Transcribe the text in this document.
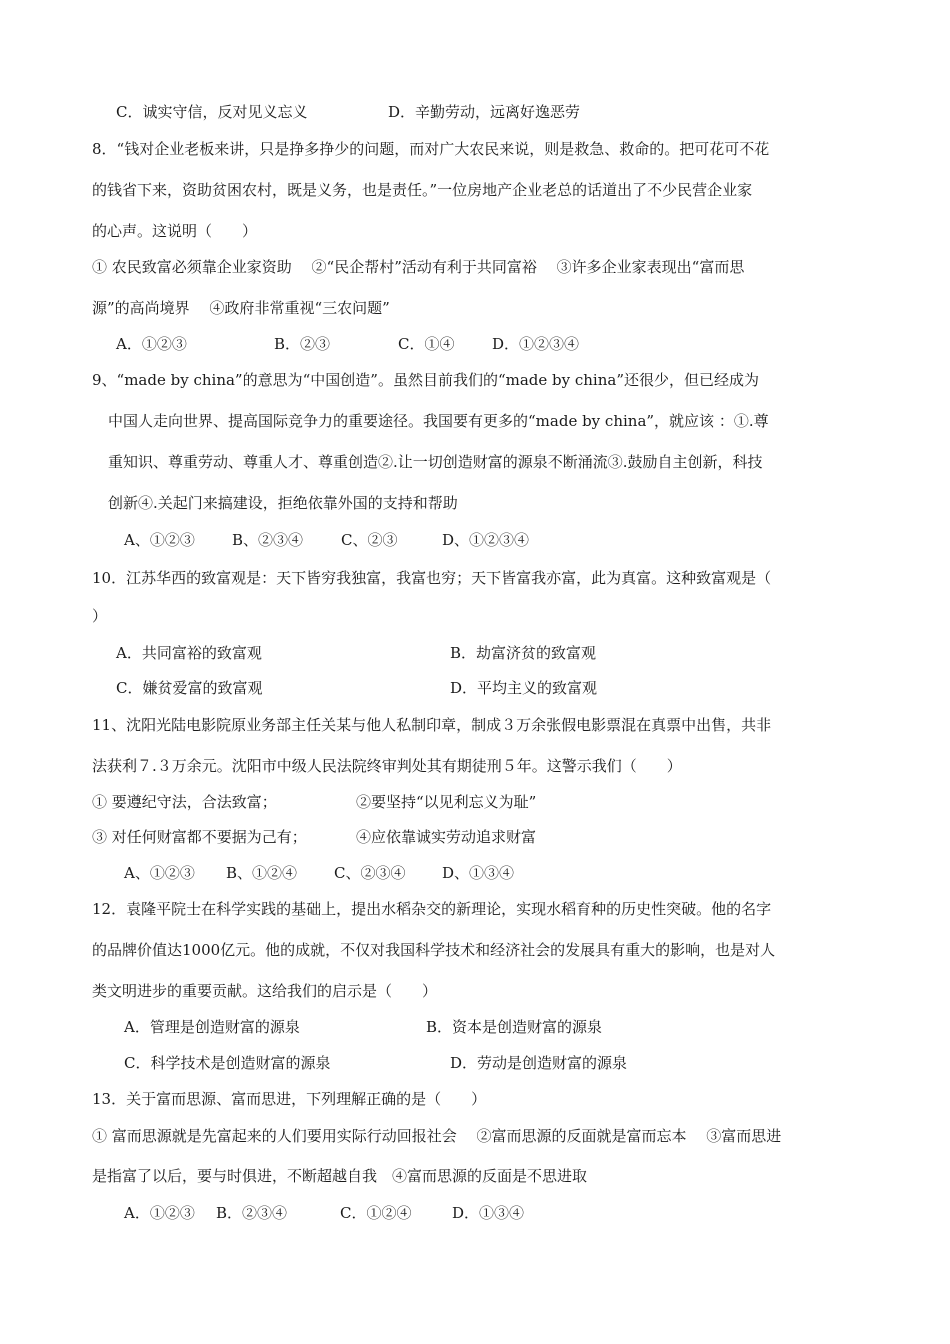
C．诚实守信，反对见义忘义	D．辛勤劳动，远离好逸恶劳
8．“钱对企业老板来讲，只是挣多挣少的问题，而对广大农民来说，则是救急、救命的。把可花可不花
的钱省下来，资助贫困农村，既是义务，也是责任。”一位房地产企业老总的话道出了不少民营企业家
的心声。这说明（　　）
① 农民致富必须靠企业家资助　 ②“民企帮村”活动有利于共同富裕　 ③许多企业家表现出“富而思
源”的高尚境界　 ④政府非常重视“三农问题”
A．①②③	B．②③	C．①④	D．①②③④
9、“made by china”的意思为“中国创造”。虽然目前我们的“made by china”还很少，但已经成为
中国人走向世界、提高国际竞争力的重要途径。我国要有更多的“made by china”，就应该 ：①.尊
重知识、尊重劳动、尊重人才、尊重创造②.让一切创造财富的源泉不断涌流③.鼓励自主创新，科技
创新④.关起门来搞建设，拒绝依靠外国的支持和帮助
A、①②③ B、②③④	C、②③	D、①②③④
10．江苏华西的致富观是：天下皆穷我独富，我富也穷；天下皆富我亦富，此为真富。这种致富观是（
）
A．共同富裕的致富观	B．劫富济贫的致富观
C．嫌贫爱富的致富观	D．平均主义的致富观
11、沈阳光陆电影院原业务部主任关某与他人私制印章，制成３万余张假电影票混在真票中出售，共非
法获利７.３万余元。沈阳市中级人民法院终审判处其有期徒刑５年。这警示我们（　　）
① 要遵纪守法，合法致富；	②要坚持“以见利忘义为耻”
③ 对任何财富都不要据为己有；	④应依靠诚实劳动追求财富
A、①②③ B、①②④ C、②③④ D、①③④
12．袁隆平院士在科学实践的基础上，提出水稻杂交的新理论，实现水稻育种的历史性突破。他的名字
的品牌价值达1000亿元。他的成就，不仅对我国科学技术和经济社会的发展具有重大的影响，也是对人
类文明进步的重要贡献。这给我们的启示是（　　）
A．管理是创造财富的源泉	B．资本是创造财富的源泉
C．科学技术是创造财富的源泉	D．劳动是创造财富的源泉
13．关于富而思源、富而思进，下列理解正确的是（　　）
① 富而思源就是先富起来的人们要用实际行动回报社会　 ②富而思源的反面就是富而忘本　 ③富而思进
是指富了以后，要与时俱进，不断超越自我　④富而思源的反面是不思进取
A．①②③ B．②③④	C．①②④	D．①③④
